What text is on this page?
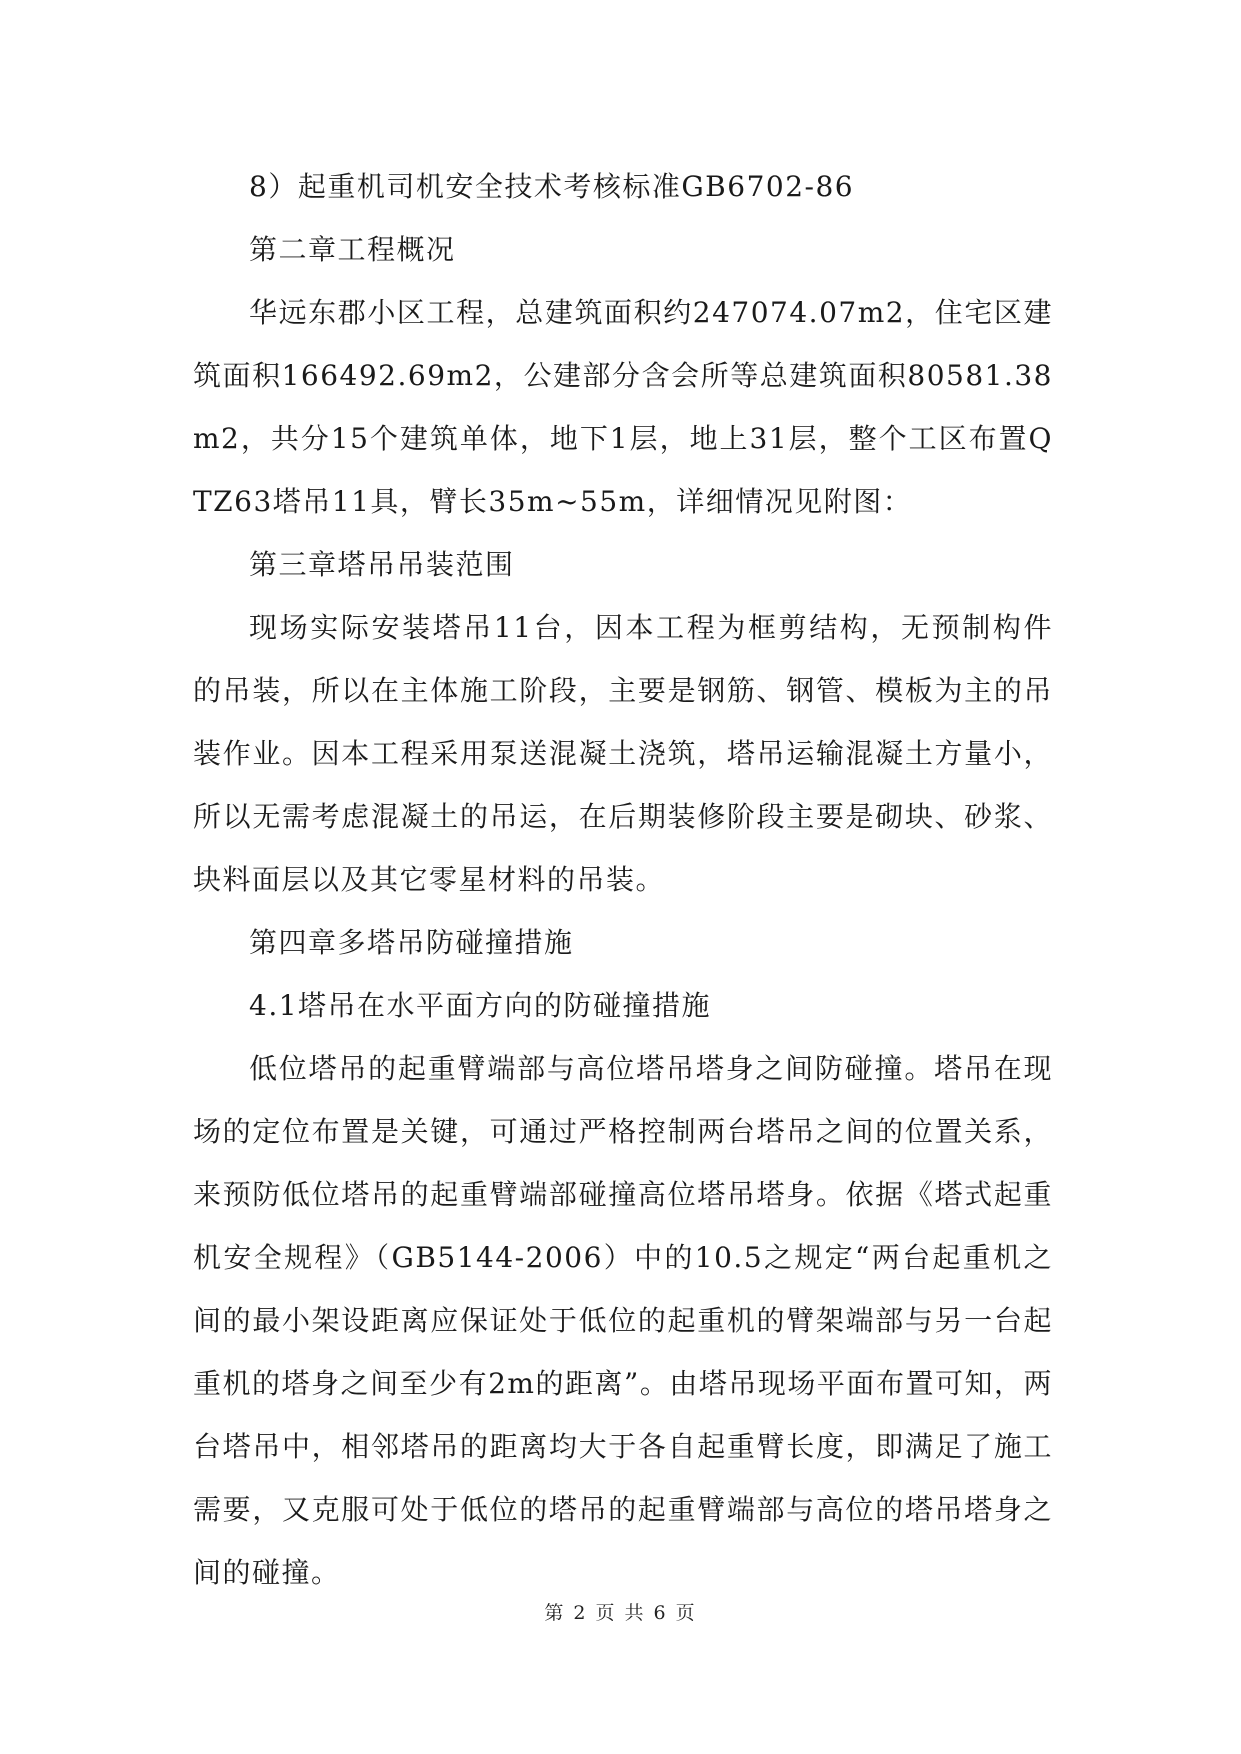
8）起重机司机安全技术考核标准GB6702-86

第二章工程概况

华远东郡小区工程，总建筑面积约247074.07m2，住宅区建筑面积166492.69m2，公建部分含会所等总建筑面积80581.38m2，共分15个建筑单体，地下1层，地上31层，整个工区布置QTZ63塔吊11具，臂长35m~55m，详细情况见附图：

第三章塔吊吊装范围

现场实际安装塔吊11台，因本工程为框剪结构，无预制构件的吊装，所以在主体施工阶段，主要是钢筋、钢管、模板为主的吊装作业。因本工程采用泵送混凝土浇筑，塔吊运输混凝土方量小，所以无需考虑混凝土的吊运，在后期装修阶段主要是砌块、砂浆、块料面层以及其它零星材料的吊装。

第四章多塔吊防碰撞措施

4.1塔吊在水平面方向的防碰撞措施

低位塔吊的起重臂端部与高位塔吊塔身之间防碰撞。塔吊在现场的定位布置是关键，可通过严格控制两台塔吊之间的位置关系，来预防低位塔吊的起重臂端部碰撞高位塔吊塔身。依据《塔式起重机安全规程》（GB5144-2006）中的10.5之规定“两台起重机之间的最小架设距离应保证处于低位的起重机的臂架端部与另一台起重机的塔身之间至少有2m的距离”。由塔吊现场平面布置可知，两台塔吊中，相邻塔吊的距离均大于各自起重臂长度，即满足了施工需要，又克服可处于低位的塔吊的起重臂端部与高位的塔吊塔身之间的碰撞。

第 2 页 共 6 页
